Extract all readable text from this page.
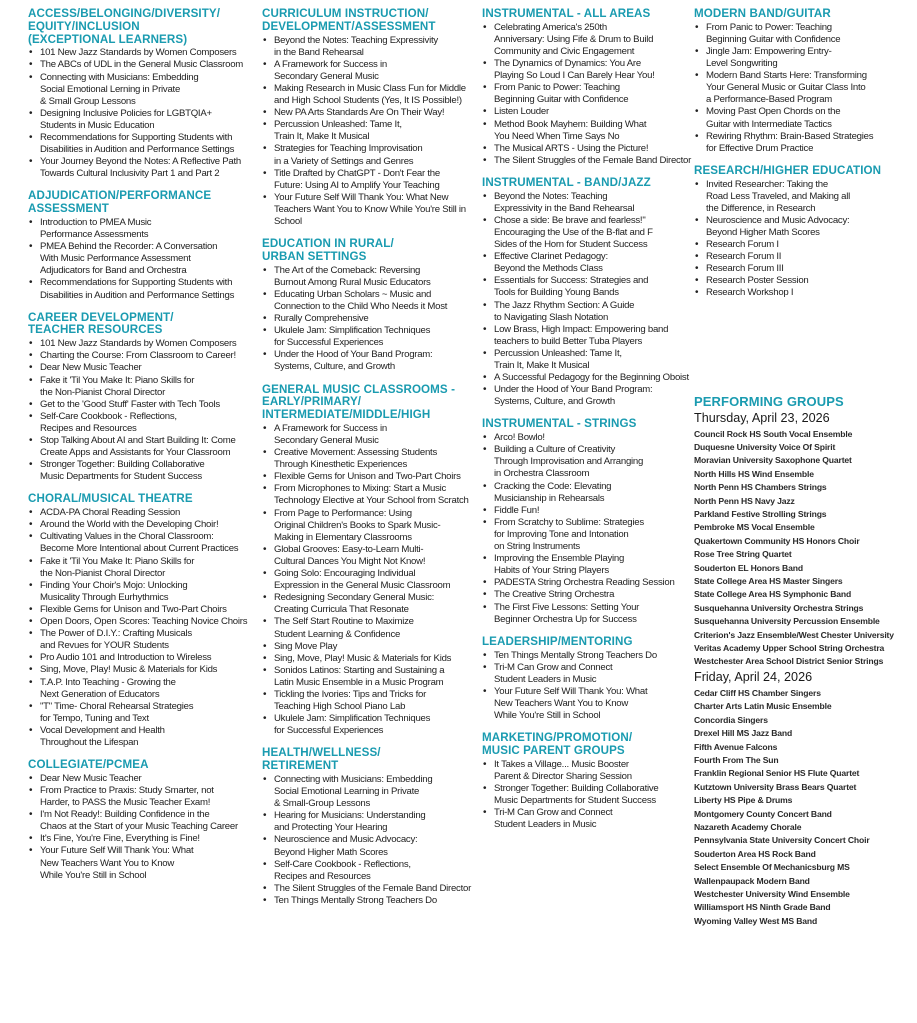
ACCESS/BELONGING/DIVERSITY/
EQUITY/INCLUSION
(EXCEPTIONAL LEARNERS)
• 101 New Jazz Standards by Women Composers
• The ABCs of UDL in the General Music Classroom
• Connecting with Musicians: Embedding
Social Emotional Lerning in Private
& Small Group Lessons
• Designing Inclusive Policies for LGBTQIA+
Students in Music Education
• Recommendations for Supporting Students with
Disabilities in Audition and Performance Settings
• Your Journey Beyond the Notes: A Reflective Path
Towards Cultural Inclusivity Part 1 and Part 2
ADJUDICATION/PERFORMANCE
ASSESSMENT
• Introduction to PMEA Music
Performance Assessments
• PMEA Behind the Recorder: A Conversation
With Music Performance Assessment
Adjudicators for Band and Orchestra
• Recommendations for Supporting Students with
Disabilities in Audition and Performance Settings
CAREER DEVELOPMENT/
TEACHER RESOURCES
• 101 New Jazz Standards by Women Composers
• Charting the Course: From Classroom to Career!
• Dear New Music Teacher
• Fake it 'Til You Make It: Piano Skills for
the Non-Pianist Choral Director
• Get to the 'Good Stuff' Faster with Tech Tools
• Self-Care Cookbook - Reflections,
Recipes and Resources
• Stop Talking About AI and Start Building It: Come
Create Apps and Assistants for Your Classroom
• Stronger Together: Building Collaborative
Music Departments for Student Success
CHORAL/MUSICAL THEATRE
• ACDA-PA Choral Reading Session
• Around the World with the Developing Choir!
• Cultivating Values in the Choral Classroom:
Become More Intentional about Current Practices
• Fake it 'Til You Make It: Piano Skills for
the Non-Pianist Choral Director
• Finding Your Choir's Mojo: Unlocking
Musicality Through Eurhythmics
• Flexible Gems for Unison and Two-Part Choirs
• Open Doors, Open Scores: Teaching Novice Choirs
• The Power of D.I.Y.: Crafting Musicals
and Revues for YOUR Students
• Pro Audio 101 and Introduction to Wireless
• Sing, Move, Play! Music & Materials for Kids
• T.A.P. Into Teaching - Growing the
Next Generation of Educators
• "T" Time- Choral Rehearsal Strategies
for Tempo, Tuning and Text
• Vocal Development and Health
Throughout the Lifespan
COLLEGIATE/PCMEA
• Dear New Music Teacher
• From Practice to Praxis: Study Smarter, not
Harder, to PASS the Music Teacher Exam!
• I'm Not Ready!: Building Confidence in the
Chaos at the Start of your Music Teaching Career
• It's Fine, You're Fine, Everything is Fine!
• Your Future Self Will Thank You: What
New Teachers Want You to Know
While You're Still in School
CURRICULUM INSTRUCTION/
DEVELOPMENT/ASSESSMENT
• Beyond the Notes: Teaching Expressivity
in the Band Rehearsal
• A Framework for Success in
Secondary General Music
• Making Research in Music Class Fun for Middle
and High School Students (Yes, It IS Possible!)
• New PA Arts Standards Are On Their Way!
• Percussion Unleashed: Tame It,
Train It, Make It Musical
• Strategies for Teaching Improvisation
in a Variety of Settings and Genres
• Title Drafted by ChatGPT - Don't Fear the
Future: Using AI to Amplify Your Teaching
• Your Future Self Will Thank You: What New
Teachers Want You to Know While You're Still in
School
EDUCATION IN RURAL/
URBAN SETTINGS
• The Art of the Comeback: Reversing
Burnout Among Rural Music Educators
• Educating Urban Scholars ~ Music and
Connection to the Child Who Needs it Most
• Rurally Comprehensive
• Ukulele Jam: Simplification Techniques
for Successful Experiences
• Under the Hood of Your Band Program:
Systems, Culture, and Growth
GENERAL MUSIC CLASSROOMS -
EARLY/PRIMARY/
INTERMEDIATE/MIDDLE/HIGH
• A Framework for Success in
Secondary General Music
• Creative Movement: Assessing Students
Through Kinesthetic Experiences
• Flexible Gems for Unison and Two-Part Choirs
• From Microphones to Mixing: Start a Music
Technology Elective at Your School from Scratch
• From Page to Performance: Using
Original Children's Books to Spark Music-
Making in Elementary Classrooms
• Global Grooves: Easy-to-Learn Multi-
Cultural Dances You Might Not Know!
• Going Solo: Encouraging Individual
Expression in the General Music Classroom
• Redesigning Secondary General Music:
Creating Curricula That Resonate
• The Self Start Routine to Maximize
Student Learning & Confidence
• Sing Move Play
• Sing, Move, Play! Music & Materials for Kids
• Sonidos Latinos: Starting and Sustaining a
Latin Music Ensemble in a Music Program
• Tickling the Ivories: Tips and Tricks for
Teaching High School Piano Lab
• Ukulele Jam: Simplification Techniques
for Successful Experiences
HEALTH/WELLNESS/
RETIREMENT
• Connecting with Musicians: Embedding
Social Emotional Learning in Private
& Small-Group Lessons
• Hearing for Musicians: Understanding
and Protecting Your Hearing
• Neuroscience and Music Advocacy:
Beyond Higher Math Scores
• Self-Care Cookbook - Reflections,
Recipes and Resources
• The Silent Struggles of the Female Band Director
• Ten Things Mentally Strong Teachers Do
INSTRUMENTAL - ALL AREAS
• Celebrating America's 250th
Anniversary: Using Fife & Drum to Build
Community and Civic Engagement
• The Dynamics of Dynamics: You Are
Playing So Loud I Can Barely Hear You!
• From Panic to Power: Teaching
Beginning Guitar with Confidence
• Listen Louder
• Method Book Mayhem: Building What
You Need When Time Says No
• The Musical ARTS - Using the Picture!
• The Silent Struggles of the Female Band Director
INSTRUMENTAL - BAND/JAZZ
• Beyond the Notes: Teaching
Expressivity in the Band Rehearsal
• Chose a side: Be brave and fearless!"
Encouraging the Use of the B-flat and F
Sides of the Horn for Student Success
• Effective Clarinet Pedagogy:
Beyond the Methods Class
• Essentials for Success: Strategies and
Tools for Building Young Bands
• The Jazz Rhythm Section: A Guide
to Navigating Slash Notation
• Low Brass, High Impact: Empowering band
teachers to build Better Tuba Players
• Percussion Unleashed: Tame It,
Train It, Make It Musical
• A Successful Pedagogy for the Beginning Oboist
• Under the Hood of Your Band Program:
Systems, Culture, and Growth
INSTRUMENTAL - STRINGS
• Arco! Bowlo!
• Building a Culture of Creativity
Through Improvisation and Arranging
in Orchestra Classroom
• Cracking the Code: Elevating
Musicianship in Rehearsals
• Fiddle Fun!
• From Scratchy to Sublime: Strategies
for Improving Tone and Intonation
on String Instruments
• Improving the Ensemble Playing
Habits of Your String Players
• PADESTA String Orchestra Reading Session
• The Creative String Orchestra
• The First Five Lessons: Setting Your
Beginner Orchestra Up for Success
LEADERSHIP/MENTORING
• Ten Things Mentally Strong Teachers Do
• Tri-M Can Grow and Connect
Student Leaders in Music
• Your Future Self Will Thank You: What
New Teachers Want You to Know
While You're Still in School
MARKETING/PROMOTION/
MUSIC PARENT GROUPS
• It Takes a Village... Music Booster
Parent & Director Sharing Session
• Stronger Together: Building Collaborative
Music Departments for Student Success
• Tri-M Can Grow and Connect
Student Leaders in Music
MODERN BAND/GUITAR
• From Panic to Power: Teaching
Beginning Guitar with Confidence
• Jingle Jam: Empowering Entry-
Level Songwriting
• Modern Band Starts Here: Transforming
Your General Music or Guitar Class Into
a Performance-Based Program
• Moving Past Open Chords on the
Guitar with Intermediate Tactics
• Rewiring Rhythm: Brain-Based Strategies
for Effective Drum Practice
RESEARCH/HIGHER EDUCATION
• Invited Researcher: Taking the
Road Less Traveled, and Making all
the Difference, in Research
• Neuroscience and Music Advocacy:
Beyond Higher Math Scores
• Research Forum I
• Research Forum II
• Research Forum III
• Research Poster Session
• Research Workshop I
PERFORMING GROUPS
Thursday, April 23, 2026
Council Rock HS South Vocal Ensemble
Duquesne University Voice Of Spirit
Moravian University Saxophone Quartet
North Hills HS Wind Ensemble
North Penn HS Chambers Strings
North Penn HS Navy Jazz
Parkland Festive Strolling Strings
Pembroke MS Vocal Ensemble
Quakertown Community HS Honors Choir
Rose Tree String Quartet
Souderton EL Honors Band
State College Area HS Master Singers
State College Area HS Symphonic Band
Susquehanna University Orchestra Strings
Susquehanna University Percussion Ensemble
Criterion's Jazz Ensemble/West Chester University
Veritas Academy Upper School String Orchestra
Westchester Area School District Senior Strings
Friday, April 24, 2026
Cedar Cliff HS Chamber Singers
Charter Arts Latin Music Ensemble
Concordia Singers
Drexel Hill MS Jazz Band
Fifth Avenue Falcons
Fourth From The Sun
Franklin Regional Senior HS Flute Quartet
Kutztown University Brass Bears Quartet
Liberty HS Pipe & Drums
Montgomery County Concert Band
Nazareth Academy Chorale
Pennsylvania State University Concert Choir
Souderton Area HS Rock Band
Select Ensemble Of Mechanicsburg MS
Wallenpaupack Modern Band
Westchester University Wind Ensemble
Williamsport HS Ninth Grade Band
Wyoming Valley West MS Band
